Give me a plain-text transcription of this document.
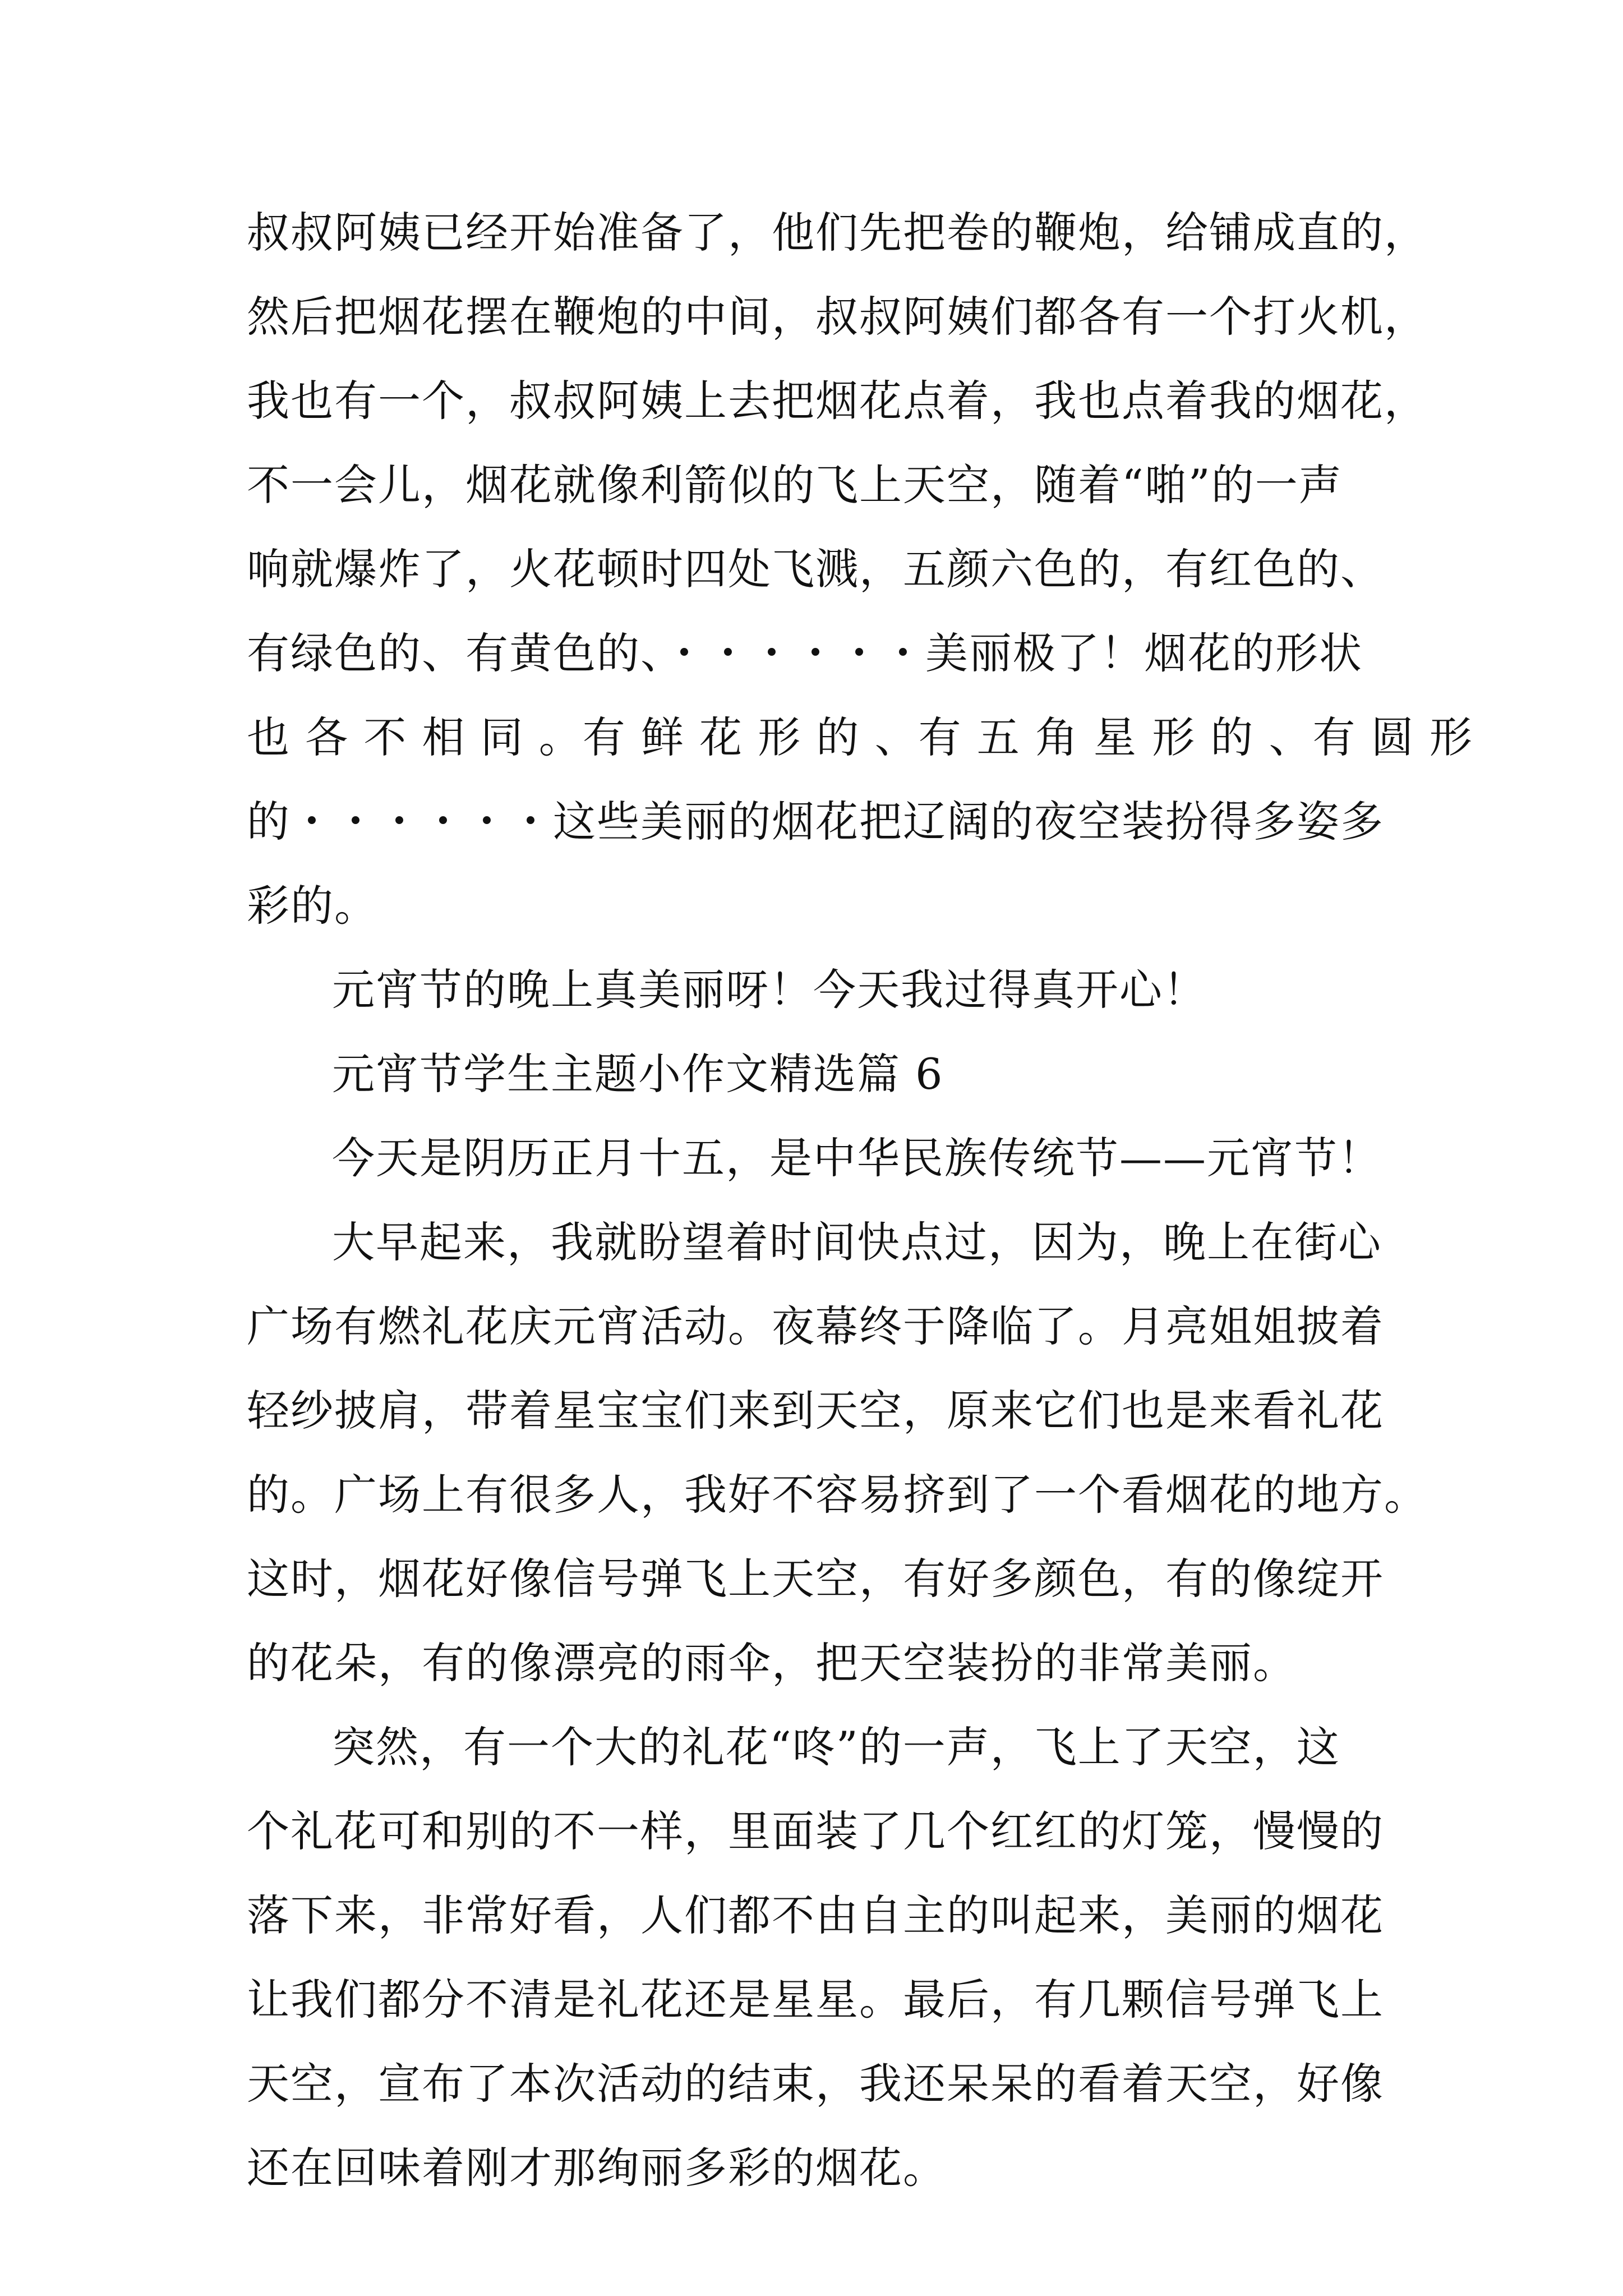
叔叔阿姨已经开始准备了，他们先把卷的鞭炮，给铺成直的，
然后把烟花摆在鞭炮的中间，叔叔阿姨们都各有一个打火机，
我也有一个，叔叔阿姨上去把烟花点着，我也点着我的烟花，
不一会儿，烟花就像利箭似的飞上天空，随着“啪”的一声
响就爆炸了，火花顿时四处飞溅，五颜六色的，有红色的、
有绿色的、有黄色的、・・・・・・美丽极了！烟花的形状
也 各 不 相 同 。有 鲜 花 形 的 、有 五 角 星 形 的 、有 圆 形
的・・・・・・这些美丽的烟花把辽阔的夜空装扮得多姿多
彩的。
元宵节的晚上真美丽呀！今天我过得真开心！
元宵节学生主题小作文精选篇 6
今天是阴历正月十五，是中华民族传统节——元宵节！
大早起来，我就盼望着时间快点过，因为，晚上在街心
广场有燃礼花庆元宵活动。夜幕终于降临了。月亮姐姐披着
轻纱披肩，带着星宝宝们来到天空，原来它们也是来看礼花
的。广场上有很多人，我好不容易挤到了一个看烟花的地方。
这时，烟花好像信号弹飞上天空，有好多颜色，有的像绽开
的花朵，有的像漂亮的雨伞，把天空装扮的非常美丽。
突然，有一个大的礼花“咚”的一声，飞上了天空，这
个礼花可和别的不一样，里面装了几个红红的灯笼，慢慢的
落下来，非常好看，人们都不由自主的叫起来，美丽的烟花
让我们都分不清是礼花还是星星。最后，有几颗信号弹飞上
天空，宣布了本次活动的结束，我还呆呆的看着天空，好像
还在回味着刚才那绚丽多彩的烟花。
